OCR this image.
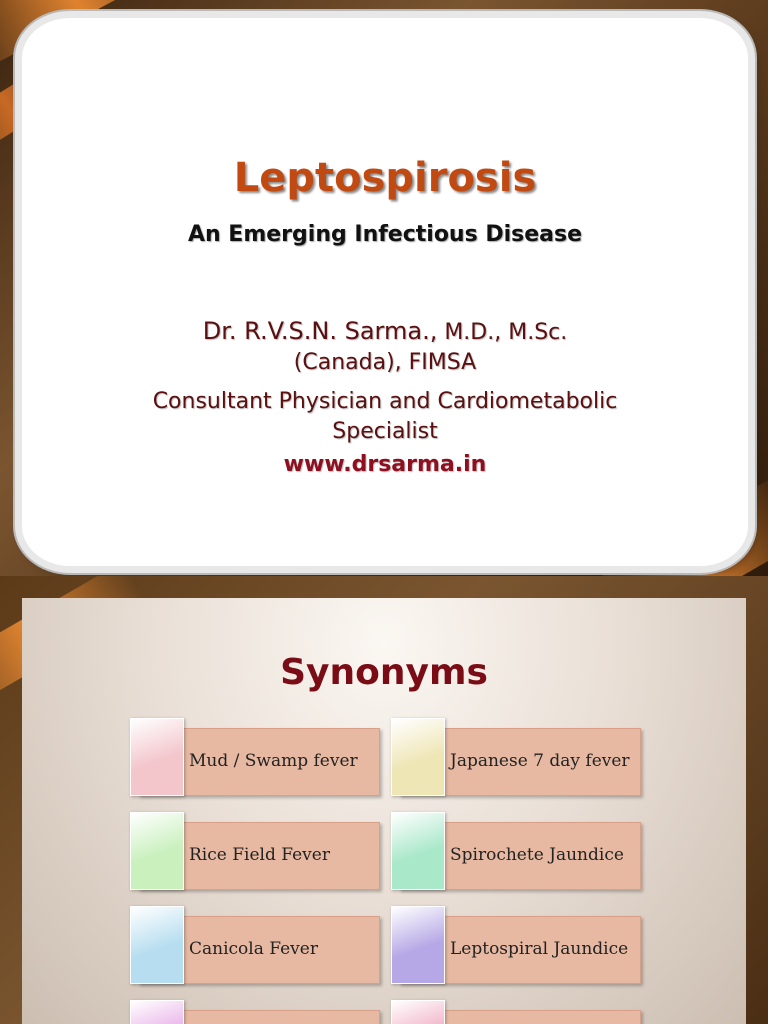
Leptospirosis
An Emerging Infectious Disease
Dr. R.V.S.N. Sarma., M.D., M.Sc.
(Canada), FIMSA
Consultant Physician and Cardiometabolic
Specialist
www.drsarma.in
Synonyms
Mud / Swamp fever	Japanese 7 day fever
Rice Field Fever	Spirochete Jaundice
Canicola Fever	Leptospiral Jaundice
